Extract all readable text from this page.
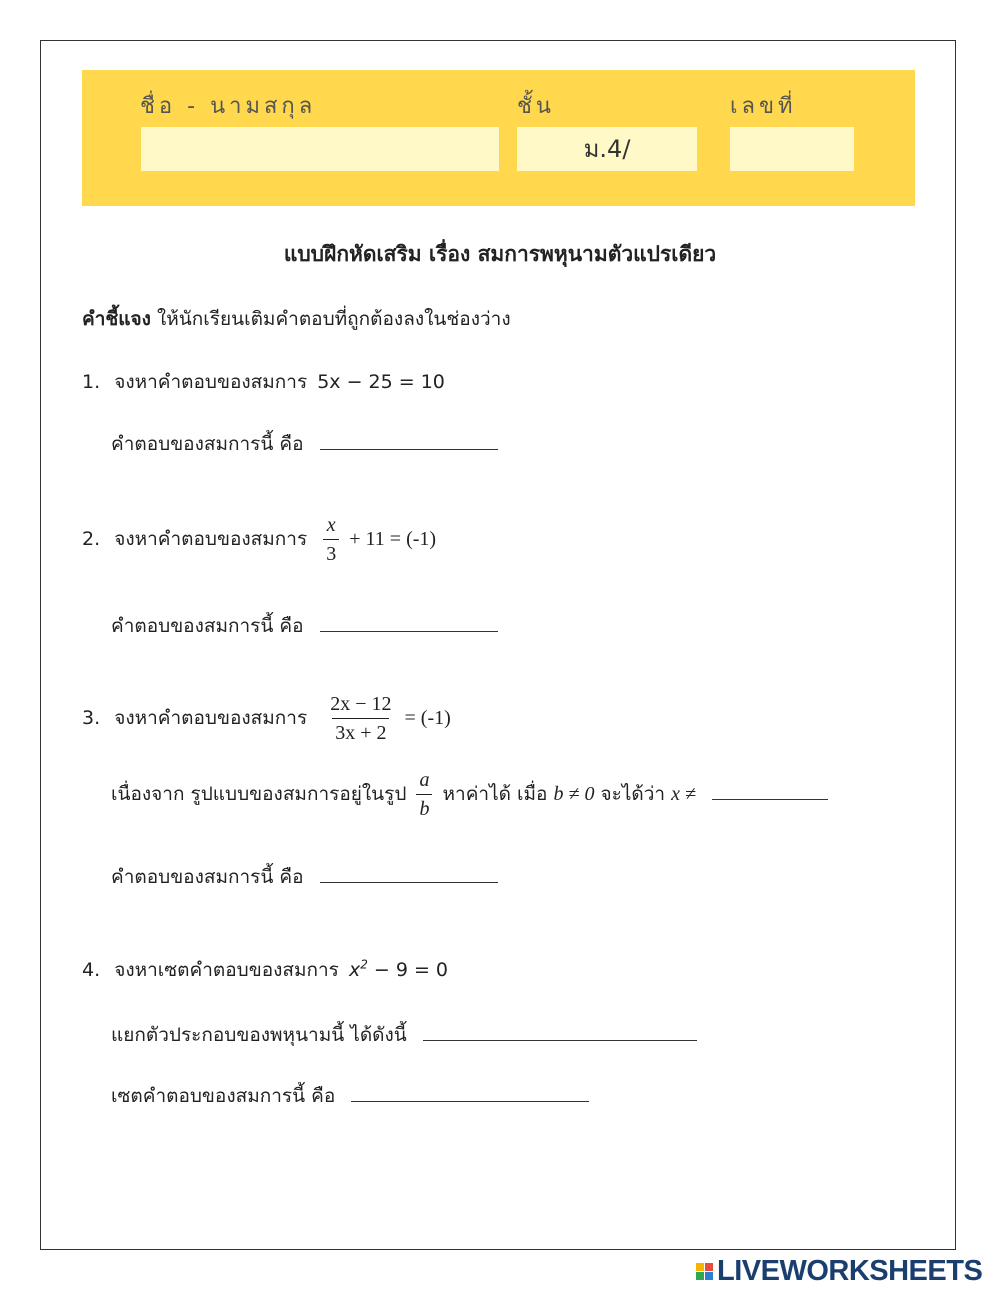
ชื่อ - นามสกุล	ชั้น	เลขที่
ม.4/
แบบฝึกหัดเสริม เรื่อง สมการพหุนามตัวแปรเดียว
คำชี้แจง ให้นักเรียนเติมคำตอบที่ถูกต้องลงในช่องว่าง
1. จงหาคำตอบของสมการ 5x − 25 = 10
คำตอบของสมการนี้ คือ
2. จงหาคำตอบของสมการ $\frac{x}{3} + 11 = (-1)$
คำตอบของสมการนี้ คือ
3. จงหาคำตอบของสมการ $\frac{2x - 12}{3x + 2} = (-1)$
เนื่องจาก รูปแบบของสมการอยู่ในรูป $\frac{a}{b}$ หาค่าได้ เมื่อ b ≠ 0 จะได้ว่า x ≠
คำตอบของสมการนี้ คือ
4. จงหาเซตคำตอบของสมการ $x^2 - 9 = 0$
แยกตัวประกอบของพหุนามนี้ ได้ดังนี้
เซตคำตอบของสมการนี้ คือ
LIVEWORKSHEETS
